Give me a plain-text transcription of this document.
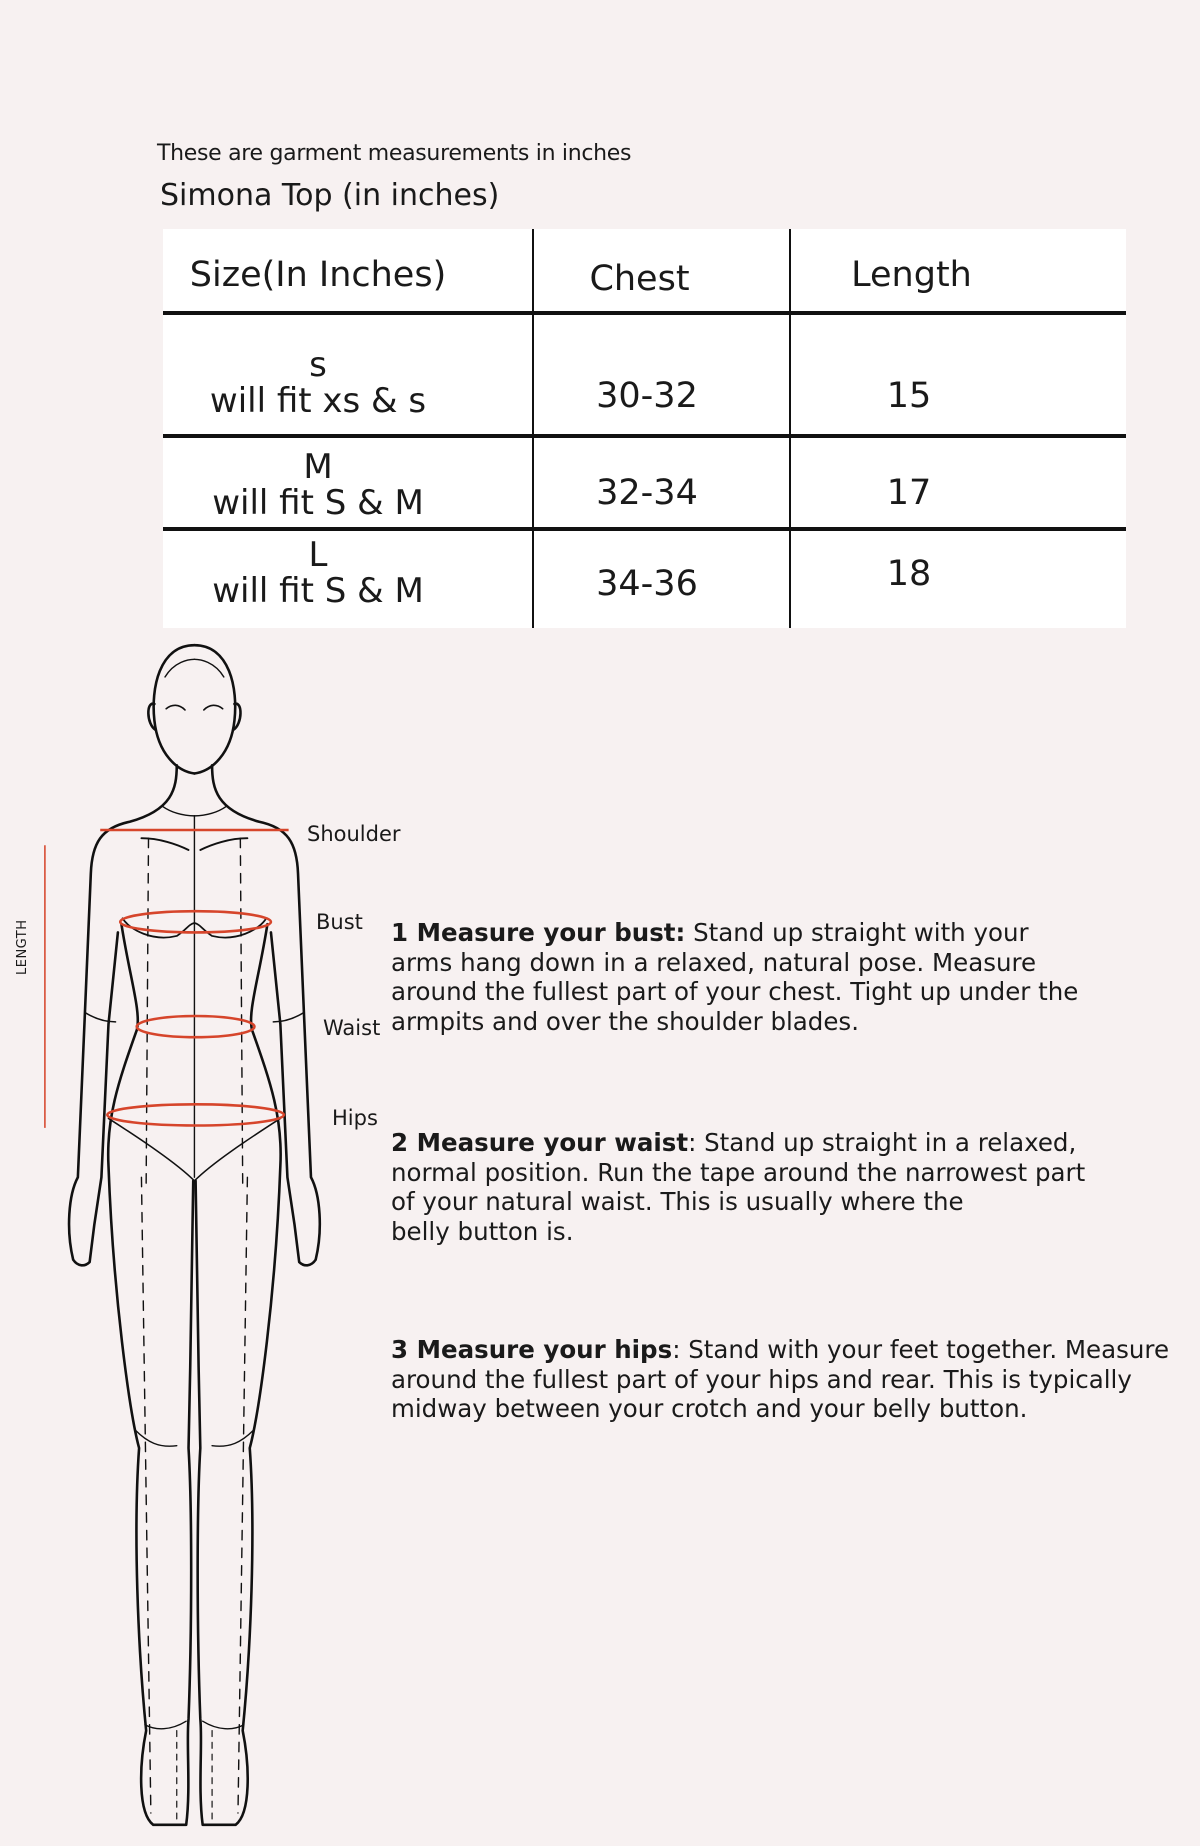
These are garment measurements in inches
Simona Top (in inches)
Size(In Inches)	Chest	Length
s
will fit xs & s	30-32	15
M
will fit S & M	32-34	17
L
will fit S & M	34-36	18
Shoulder
Bust
Waist
Hips
LENGTH	1 Measure your bust: Stand up straight with your
arms hang down in a relaxed, natural pose. Measure
around the fullest part of your chest. Tight up under the
armpits and over the shoulder blades.
2 Measure your waist: Stand up straight in a relaxed,
normal position. Run the tape around the narrowest part
of your natural waist. This is usually where the
belly button is.
3 Measure your hips: Stand with your feet together. Measure
around the fullest part of your hips and rear. This is typically
midway between your crotch and your belly button.
